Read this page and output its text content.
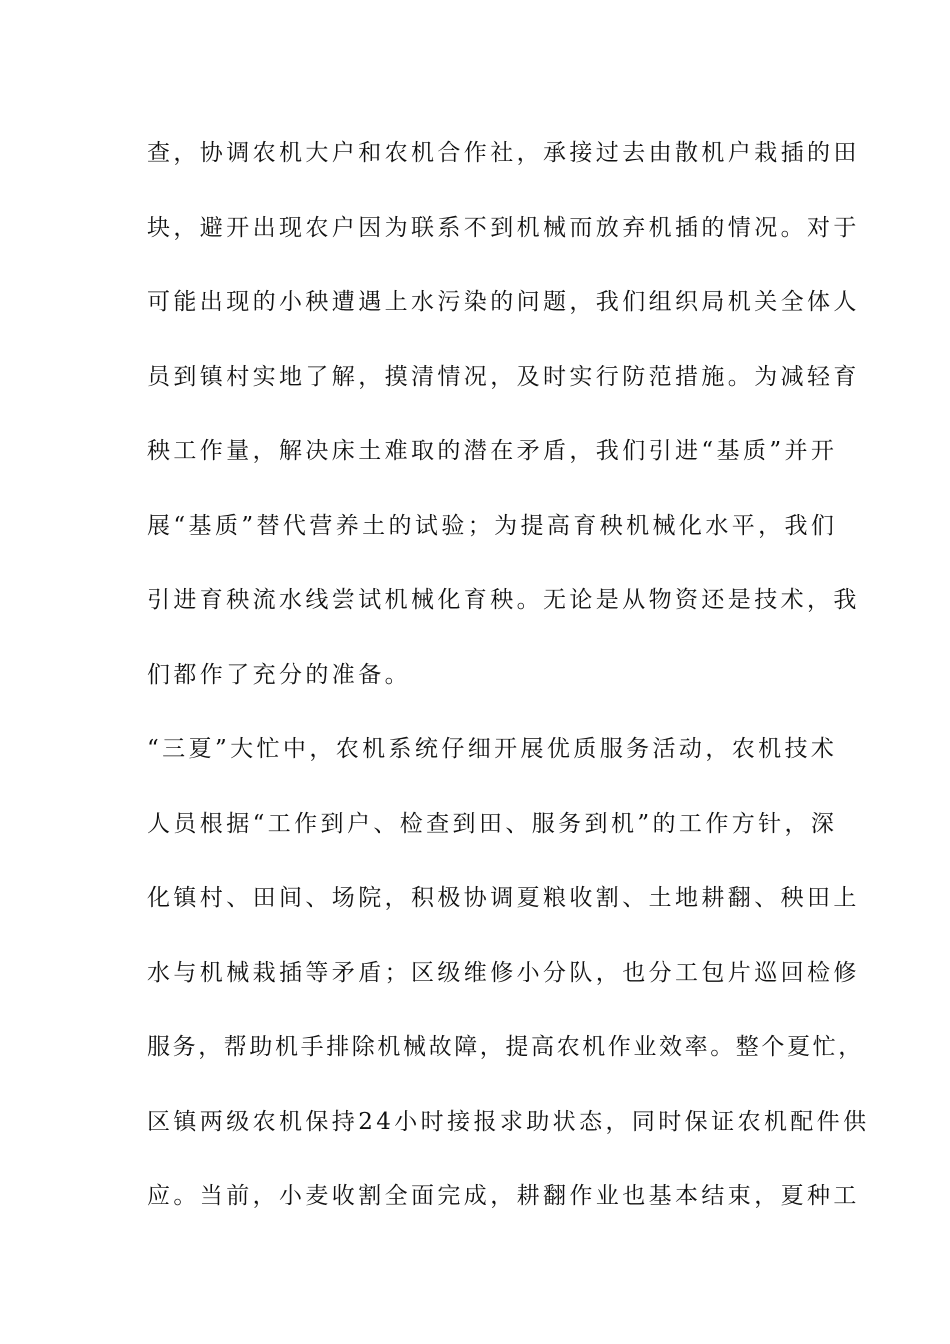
查，协调农机大户和农机合作社，承接过去由散机户栽插的田
块，避开出现农户因为联系不到机械而放弃机插的情况。对于
可能出现的小秧遭遇上水污染的问题，我们组织局机关全体人
员到镇村实地了解，摸清情况，及时实行防范措施。为减轻育
秧工作量，解决床土难取的潜在矛盾，我们引进“基质”并开
展“基质”替代营养土的试验；为提高育秧机械化水平，我们
引进育秧流水线尝试机械化育秧。无论是从物资还是技术，我
们都作了充分的准备。
“三夏”大忙中，农机系统仔细开展优质服务活动，农机技术
人员根据“工作到户、检查到田、服务到机”的工作方针，深
化镇村、田间、场院，积极协调夏粮收割、土地耕翻、秧田上
水与机械栽插等矛盾；区级维修小分队，也分工包片巡回检修
服务，帮助机手排除机械故障，提高农机作业效率。整个夏忙，
区镇两级农机保持24小时接报求助状态，同时保证农机配件供
应。当前，小麦收割全面完成，耕翻作业也基本结束，夏种工
